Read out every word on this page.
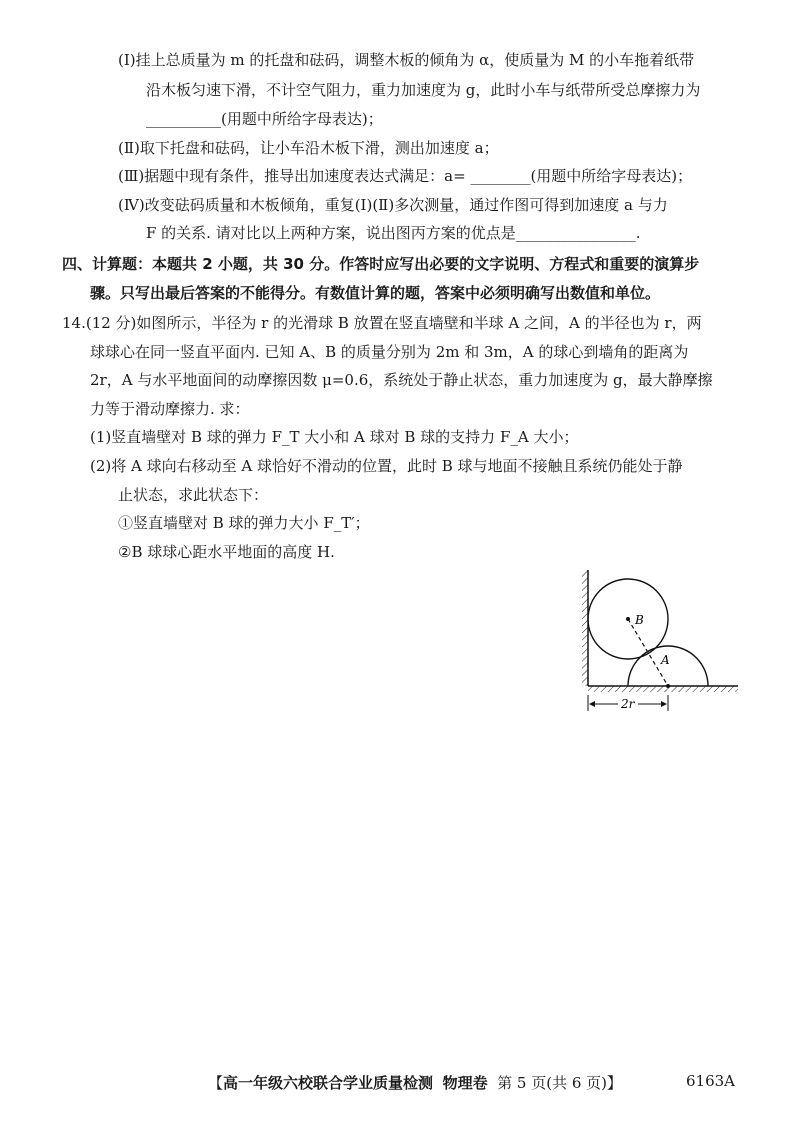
(Ⅰ)挂上总质量为 m 的托盘和砝码，调整木板的倾角为 α，使质量为 M 的小车拖着纸带
沿木板匀速下滑，不计空气阻力，重力加速度为 g，此时小车与纸带所受总摩擦力为
__________(用题中所给字母表达)；
(Ⅱ)取下托盘和砝码，让小车沿木板下滑，测出加速度 a；
(Ⅲ)据题中现有条件，推导出加速度表达式满足：a= ________(用题中所给字母表达)；
(Ⅳ)改变砝码质量和木板倾角，重复(Ⅰ)(Ⅱ)多次测量，通过作图可得到加速度 a 与力
F 的关系. 请对比以上两种方案，说出图丙方案的优点是________________.
四、计算题：本题共 2 小题，共 30 分。作答时应写出必要的文字说明、方程式和重要的演算步
骤。只写出最后答案的不能得分。有数值计算的题，答案中必须明确写出数值和单位。
14.(12 分)如图所示，半径为 r 的光滑球 B 放置在竖直墙壁和半球 A 之间，A 的半径也为 r，两
球球心在同一竖直平面内. 已知 A、B 的质量分别为 2m 和 3m，A 的球心到墙角的距离为
2r，A 与水平地面间的动摩擦因数 μ=0.6，系统处于静止状态，重力加速度为 g，最大静摩擦
力等于滑动摩擦力. 求：
(1)竖直墙壁对 B 球的弹力 F_T 大小和 A 球对 B 球的支持力 F_A 大小；
(2)将 A 球向右移动至 A 球恰好不滑动的位置，此时 B 球与地面不接触且系统仍能处于静
止状态，求此状态下：
①竖直墙壁对 B 球的弹力大小 F_T′；
②B 球球心距水平地面的高度 H.
B
A
2r
【高一年级六校联合学业质量检测 物理卷 第 5 页(共 6 页)】	6163A
